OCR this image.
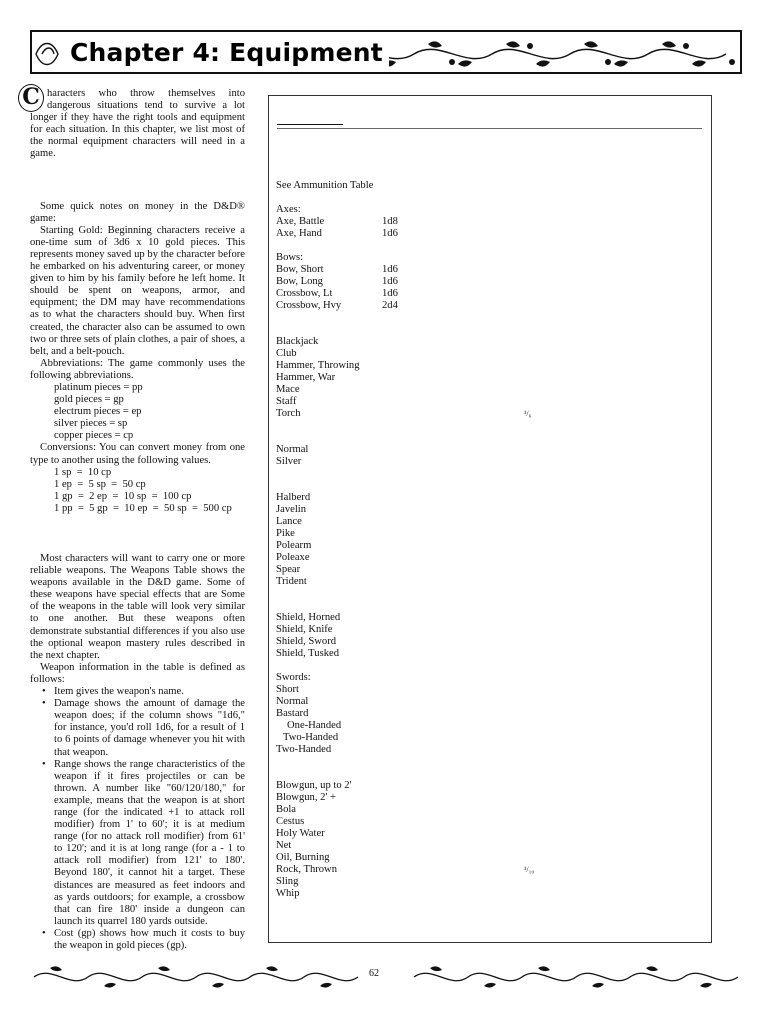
Chapter 4: Equipment

C haracters who throw themselves into dangerous situations tend to survive a lot longer if they have the right tools and equipment for each situation. In this chapter, we list most of the normal equipment characters will need in a game.

Some quick notes on money in the D&D® game:

Starting Gold: Beginning characters receive a one-time sum of 3d6 x 10 gold pieces. This represents money saved up by the character before he embarked on his adventuring career, or money given to him by his family before he left home. It should be spent on weapons, armor, and equipment; the DM may have recommendations as to what the characters should buy. When first created, the character also can be assumed to own two or three sets of plain clothes, a pair of shoes, a belt, and a belt-pouch.

Abbreviations: The game commonly uses the following abbreviations.

platinum pieces = pp
gold pieces = gp
electrum pieces = ep
silver pieces = sp
copper pieces = cp

Conversions: You can convert money from one type to another using the following values.

1 sp  =  10 cp
1 ep  =  5 sp  =  50 cp
1 gp  =  2 ep  =  10 sp  =  100 cp
1 pp  =  5 gp  =  10 ep  =  50 sp  =  500 cp

Most characters will want to carry one or more reliable weapons. The Weapons Table shows the weapons available in the D&D game. Some of these weapons have special effects that are Some of the weapons in the table will look very similar to one another. But these weapons often demonstrate substantial differences if you also use the optional weapon mastery rules described in the next chapter.

Weapon information in the table is defined as follows:

• Item gives the weapon's name.
• Damage shows the amount of damage the weapon does; if the column shows "1d6," for instance, you'd roll 1d6, for a result of 1 to 6 points of damage whenever you hit with that weapon.
• Range shows the range characteristics of the weapon if it fires projectiles or can be thrown. A number like "60/120/180," for example, means that the weapon is at short range (for the indicated +1 to attack roll modifier) from 1' to 60'; it is at medium range (for no attack roll modifier) from 61' to 120'; and it is at long range (for a - 1 to attack roll modifier) from 121' to 180'. Beyond 180', it cannot hit a target. These distances are measured as feet indoors and as yards outdoors; for example, a crossbow that can fire 180' inside a dungeon can launch its quarrel 180 yards outside.
• Cost (gp) shows how much it costs to buy the weapon in gold pieces (gp).
See Ammunition Table
Axes:
Axe, Battle	1d8
Axe, Hand	1d6
Bows:
Bow, Short	1d6
Bow, Long	1d6
Crossbow, Lt	1d6
Crossbow, Hvy	2d4
Blackjack
Club
Hammer, Throwing
Hammer, War
Mace
Staff
Torch	¹/₆
Normal
Silver
Halberd
Javelin
Lance
Pike
Polearm
Poleaxe
Spear
Trident
Shield, Horned
Shield, Knife
Shield, Sword
Shield, Tusked
Swords:
Short
Normal
Bastard
One-Handed
Two-Handed
Two-Handed
Blowgun, up to 2'
Blowgun, 2' +
Bola
Cestus
Holy Water
Net
Oil, Burning
Rock, Thrown	¹/₁₀
Sling
Whip
62
